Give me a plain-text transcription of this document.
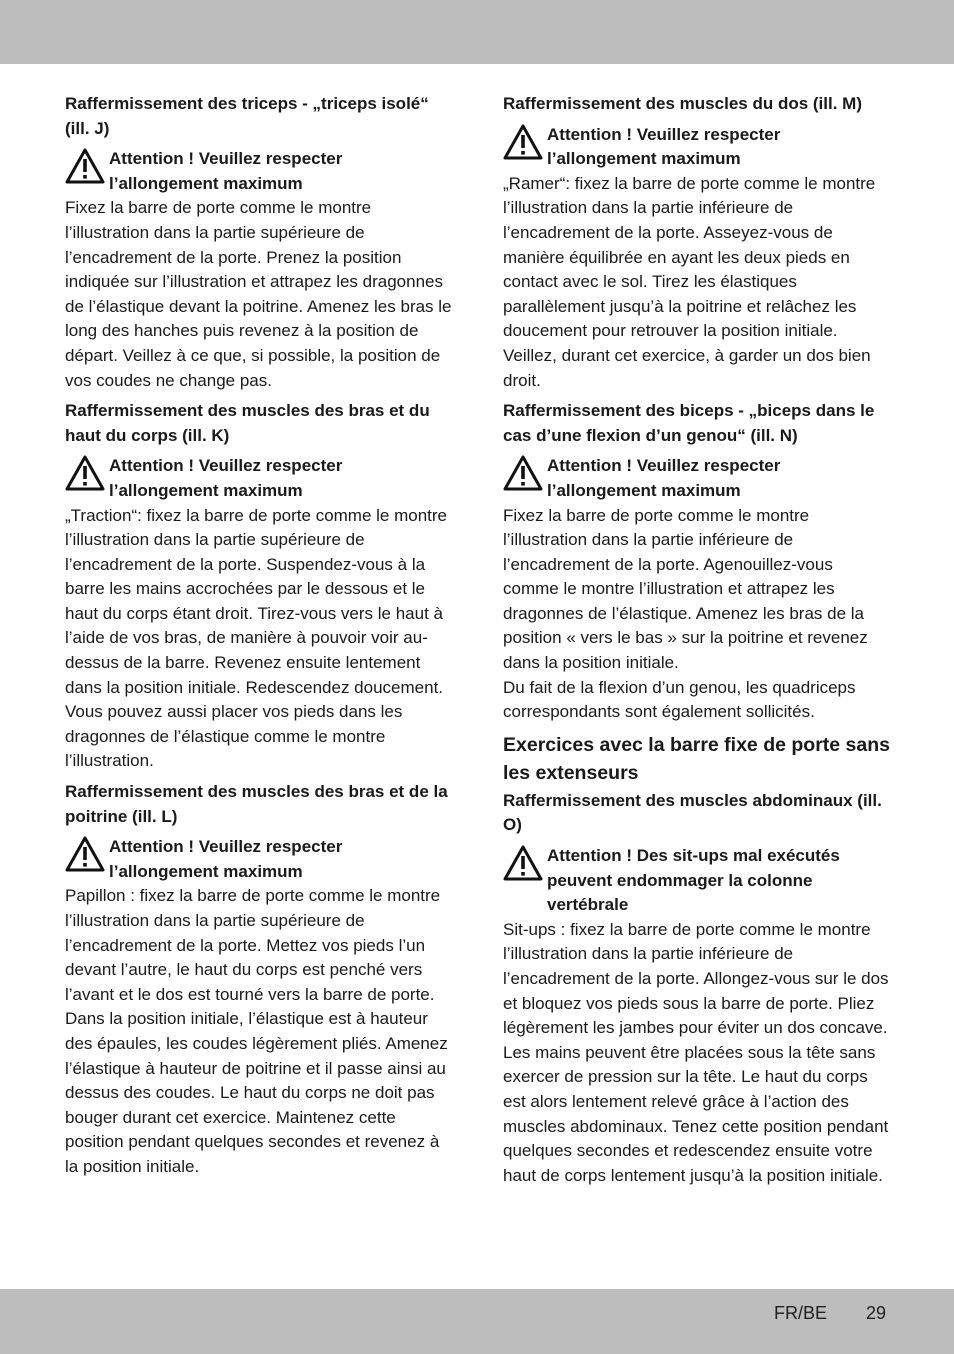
Raffermissement des triceps - „triceps isolé“ (ill. J)
Attention ! Veuillez respecter l’allongement maximum
Fixez la barre de porte comme le montre l’illustration dans la partie supérieure de l’encadrement de la porte. Prenez la position indiquée sur l’illustration et attrapez les dragonnes de l’élastique devant la poitrine. Amenez les bras le long des hanches puis revenez à la position de départ. Veillez à ce que, si possible, la position de vos coudes ne change pas.
Raffermissement des muscles des bras et du haut du corps (ill. K)
Attention ! Veuillez respecter l’allongement maximum
„Traction“: fixez la barre de porte comme le montre l’illustration dans la partie supérieure de l’encadrement de la porte. Suspendez-vous à la barre les mains accrochées par le dessous et le haut du corps étant droit. Tirez-vous vers le haut à l’aide de vos bras, de manière à pouvoir voir au-dessus de la barre. Revenez ensuite lentement dans la position initiale. Redescendez doucement. Vous pouvez aussi placer vos pieds dans les dragonnes de l’élastique comme le montre l’illustration.
Raffermissement des muscles des bras et de la poitrine (ill. L)
Attention ! Veuillez respecter l’allongement maximum
Papillon : fixez la barre de porte comme le montre l’illustration dans la partie supérieure de l’encadrement de la porte. Mettez vos pieds l’un devant l’autre, le haut du corps est penché vers l’avant et le dos est tourné vers la barre de porte. Dans la position initiale, l’élastique est à hauteur des épaules, les coudes légèrement pliés. Amenez l’élastique à hauteur de poitrine et il passe ainsi au dessus des coudes. Le haut du corps ne doit pas bouger durant cet exercice. Maintenez cette position pendant quelques secondes et revenez à la position initiale.
Raffermissement des muscles du dos (ill. M)
Attention ! Veuillez respecter l’allongement maximum
„Ramer“: fixez la barre de porte comme le montre l’illustration dans la partie inférieure de l’encadrement de la porte. Asseyez-vous de manière équilibrée en ayant les deux pieds en contact avec le sol. Tirez les élastiques parallèlement jusqu’à la poitrine et relâchez les doucement pour retrouver la position initiale. Veillez, durant cet exercice, à garder un dos bien droit.
Raffermissement des biceps - „biceps dans le cas d’une flexion d’un genou“ (ill. N)
Attention ! Veuillez respecter l’allongement maximum
Fixez la barre de porte comme le montre l’illustration dans la partie inférieure de l’encadrement de la porte. Agenouillez-vous comme le montre l’illustration et attrapez les dragonnes de l’élastique. Amenez les bras de la position « vers le bas » sur la poitrine et revenez dans la position initiale.
Du fait de la flexion d’un genou, les quadriceps correspondants sont également sollicités.
Exercices avec la barre fixe de porte sans les extenseurs
Raffermissement des muscles abdominaux (ill. O)
Attention ! Des sit-ups mal exécutés peuvent endommager la colonne vertébrale
Sit-ups : fixez la barre de porte comme le montre l’illustration dans la partie inférieure de l’encadrement de la porte. Allongez-vous sur le dos et bloquez vos pieds sous la barre de porte. Pliez légèrement les jambes pour éviter un dos concave. Les mains peuvent être placées sous la tête sans exercer de pression sur la tête. Le haut du corps est alors lentement relevé grâce à l’action des muscles abdominaux. Tenez cette position pendant quelques secondes et redescendez ensuite votre haut de corps lentement jusqu’à la position initiale.
FR/BE 29
